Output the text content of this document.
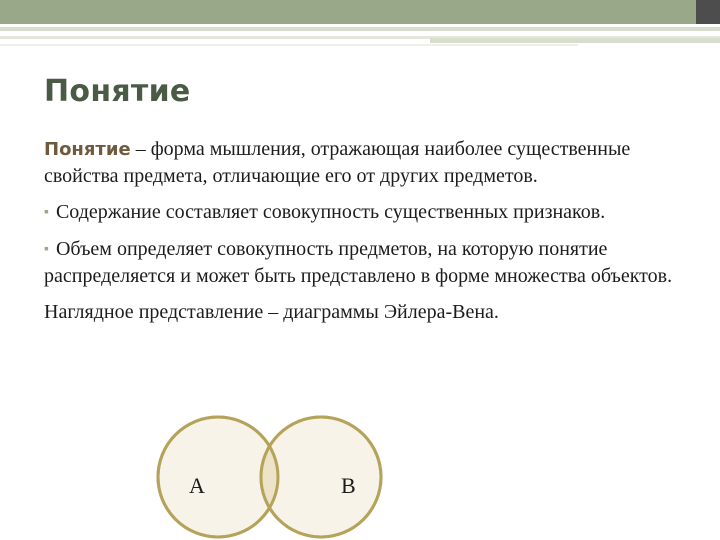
Понятие

Понятие – форма мышления, отражающая наиболее существенные свойства предмета, отличающие его от других предметов.

▪ Содержание составляет совокупность существенных признаков.

▪ Объем определяет совокупность предметов, на которую понятие распределяется и может быть представлено в форме множества объектов.

Наглядное представление – диаграммы Эйлера-Вена.

А	В
